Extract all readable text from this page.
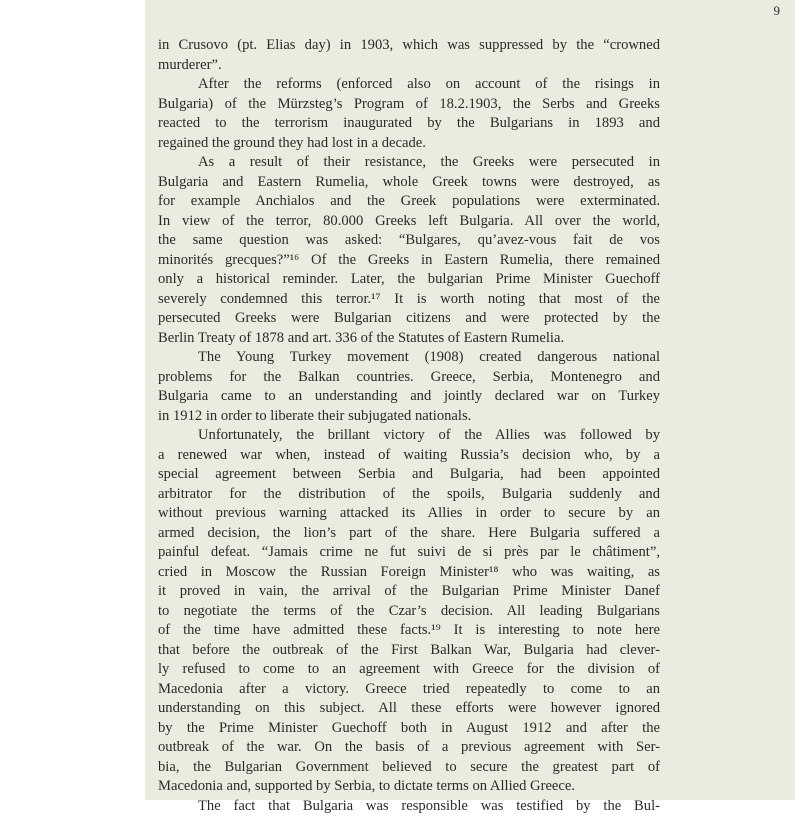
9
in Crusovo (pt. Elias day) in 1903, which was suppressed by the “crowned
murderer”.
After the reforms (enforced also on account of the risings in
Bulgaria) of the Mürzsteg’s Program of 18.2.1903, the Serbs and Greeks
reacted to the terrorism inaugurated by the Bulgarians in 1893 and
regained the ground they had lost in a decade.
As a result of their resistance, the Greeks were persecuted in
Bulgaria and Eastern Rumelia, whole Greek towns were destroyed, as
for example Anchialos and the Greek populations were exterminated.
In view of the terror, 80.000 Greeks left Bulgaria. All over the world,
the same question was asked: “Bulgares, qu’avez-vous fait de vos
minorités grecques?”¹⁶ Of the Greeks in Eastern Rumelia, there remained
only a historical reminder. Later, the bulgarian Prime Minister Guechoff
severely condemned this terror.¹⁷ It is worth noting that most of the
persecuted Greeks were Bulgarian citizens and were protected by the
Berlin Treaty of 1878 and art. 336 of the Statutes of Eastern Rumelia.
The Young Turkey movement (1908) created dangerous national
problems for the Balkan countries. Greece, Serbia, Montenegro and
Bulgaria came to an understanding and jointly declared war on Turkey
in 1912 in order to liberate their subjugated nationals.
Unfortunately, the brillant victory of the Allies was followed by
a renewed war when, instead of waiting Russia’s decision who, by a
special agreement between Serbia and Bulgaria, had been appointed
arbitrator for the distribution of the spoils, Bulgaria suddenly and
without previous warning attacked its Allies in order to secure by an
armed decision, the lion’s part of the share. Here Bulgaria suffered a
painful defeat. “Jamais crime ne fut suivi de si près par le châtiment”,
cried in Moscow the Russian Foreign Minister¹⁸ who was waiting, as
it proved in vain, the arrival of the Bulgarian Prime Minister Danef
to negotiate the terms of the Czar’s decision. All leading Bulgarians
of the time have admitted these facts.¹⁹ It is interesting to note here
that before the outbreak of the First Balkan War, Bulgaria had clever-
ly refused to come to an agreement with Greece for the division of
Macedonia after a victory. Greece tried repeatedly to come to an
understanding on this subject. All these efforts were however ignored
by the Prime Minister Guechoff both in August 1912 and after the
outbreak of the war. On the basis of a previous agreement with Ser-
bia, the Bulgarian Government believed to secure the greatest part of
Macedonia and, supported by Serbia, to dictate terms on Allied Greece.
The fact that Bulgaria was responsible was testified by the Bul-
